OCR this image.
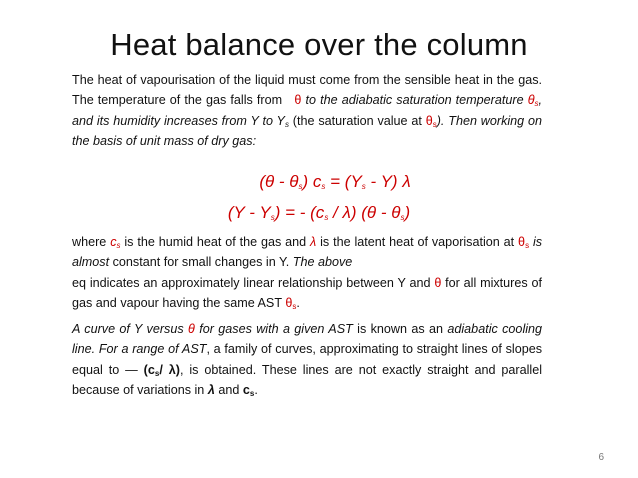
Heat balance over the column
The heat of vapourisation of the liquid must come from the sensible heat in the gas. The temperature of the gas falls from θ to the adiabatic saturation temperature $\theta_s$, and its humidity increases from Y to $Y_s$ (the saturation value at $\theta_s$). Then working on the basis of unit mass of dry gas:
$(\theta - \theta_s)$ $c_s = (Y_s - Y)$ λ
$(Y - Y_s)$ = - $(c_s / \lambda)$ $(\theta - \theta_s)$
where $c_s$ is the humid heat of the gas and λ is the latent heat of vaporisation at $\theta_s$ is almost constant for small changes in Y. The above
eq indicates an approximately linear relationship between Y and θ for all mixtures of gas and vapour having the same AST $\theta_s$.
A curve of Y versus θ for gases with a given AST is known as an adiabatic cooling line. For a range of AST, a family of curves, approximating to straight lines of slopes equal to — ($c_s/$ λ), is obtained. These lines are not exactly straight and parallel because of variations in λ and $c_s$.
6
